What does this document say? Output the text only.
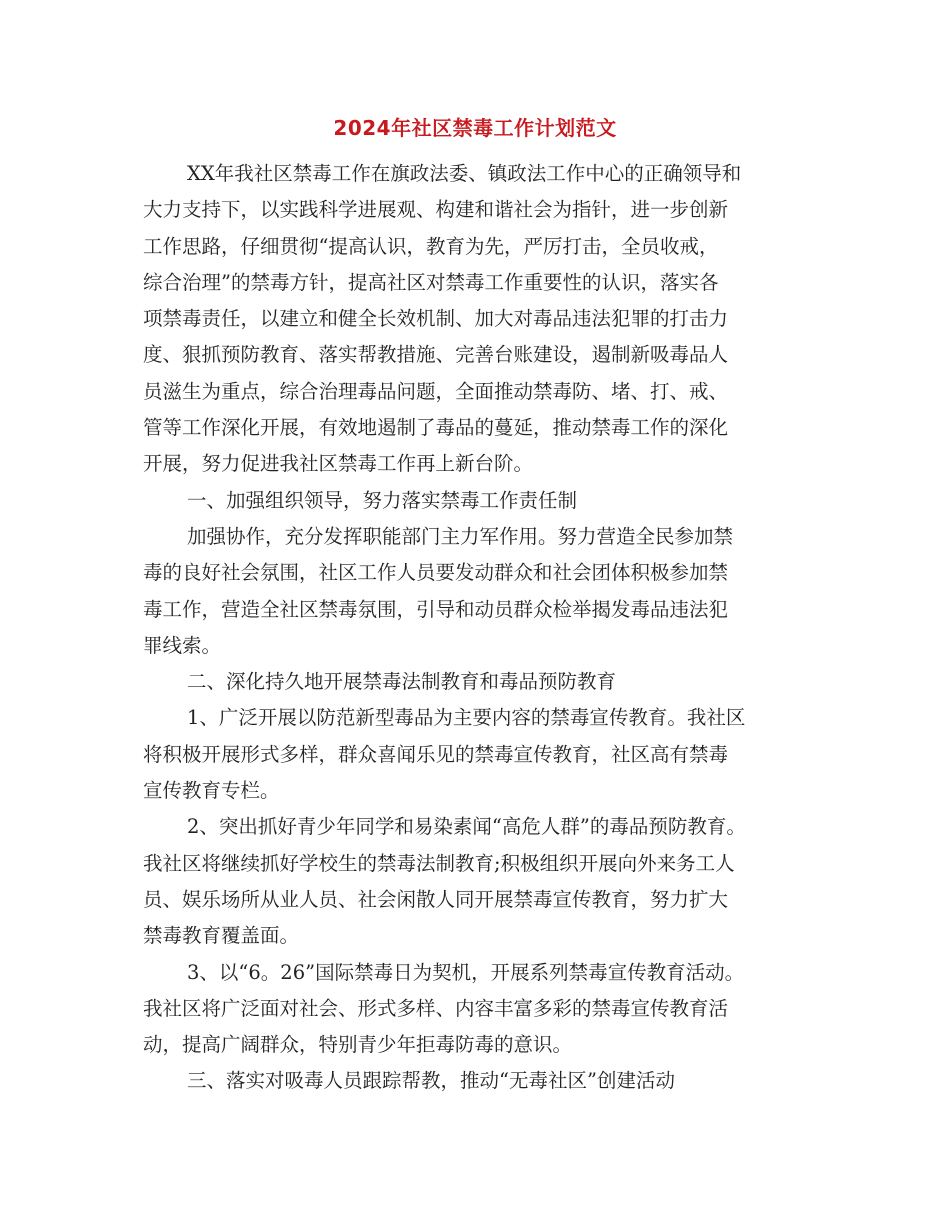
2024年社区禁毒工作计划范文
XX年我社区禁毒工作在旗政法委、镇政法工作中心的正确领导和
大力支持下，以实践科学进展观、构建和谐社会为指针，进一步创新
工作思路，仔细贯彻“提高认识，教育为先，严厉打击，全员收戒，
综合治理”的禁毒方针，提高社区对禁毒工作重要性的认识，落实各
项禁毒责任，以建立和健全长效机制、加大对毒品违法犯罪的打击力
度、狠抓预防教育、落实帮教措施、完善台账建设，遏制新吸毒品人
员滋生为重点，综合治理毒品问题，全面推动禁毒防、堵、打、戒、
管等工作深化开展，有效地遏制了毒品的蔓延，推动禁毒工作的深化
开展，努力促进我社区禁毒工作再上新台阶。
一、加强组织领导，努力落实禁毒工作责任制
加强协作，充分发挥职能部门主力军作用。努力营造全民参加禁
毒的良好社会氛围，社区工作人员要发动群众和社会团体积极参加禁
毒工作，营造全社区禁毒氛围，引导和动员群众检举揭发毒品违法犯
罪线索。
二、深化持久地开展禁毒法制教育和毒品预防教育
1、广泛开展以防范新型毒品为主要内容的禁毒宣传教育。我社区
将积极开展形式多样，群众喜闻乐见的禁毒宣传教育，社区高有禁毒
宣传教育专栏。
2、突出抓好青少年同学和易染素闻“高危人群”的毒品预防教育。
我社区将继续抓好学校生的禁毒法制教育;积极组织开展向外来务工人
员、娱乐场所从业人员、社会闲散人同开展禁毒宣传教育，努力扩大
禁毒教育覆盖面。
3、以“6。26”国际禁毒日为契机，开展系列禁毒宣传教育活动。
我社区将广泛面对社会、形式多样、内容丰富多彩的禁毒宣传教育活
动，提高广阔群众，特别青少年拒毒防毒的意识。
三、落实对吸毒人员跟踪帮教，推动“无毒社区”创建活动
